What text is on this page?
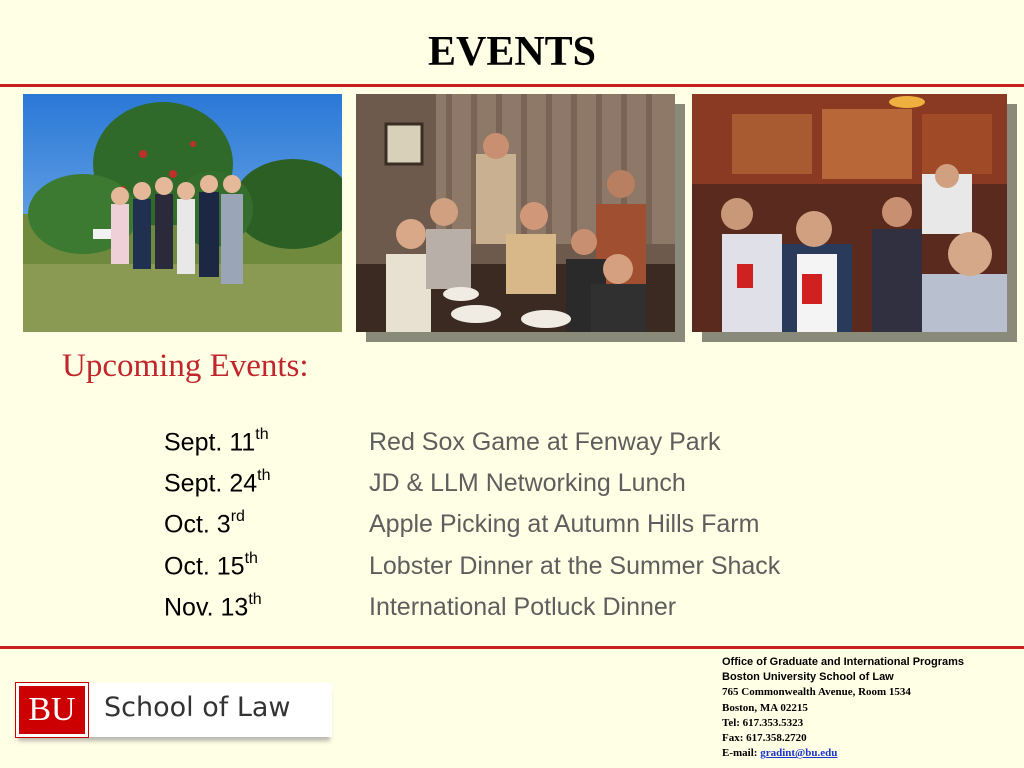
EVENTS
Upcoming Events:
Sept. 11th	Red Sox Game at Fenway Park
Sept. 24th	JD & LLM Networking Lunch
Oct. 3rd	Apple Picking at Autumn Hills Farm
Oct. 15th	Lobster Dinner at the Summer Shack
Nov. 13th	International Potluck Dinner
BU	School of Law
Office of Graduate and International Programs
Boston University School of Law
765 Commonwealth Avenue, Room 1534
Boston, MA 02215
Tel: 617.353.5323
Fax: 617.358.2720
E-mail: gradint@bu.edu
